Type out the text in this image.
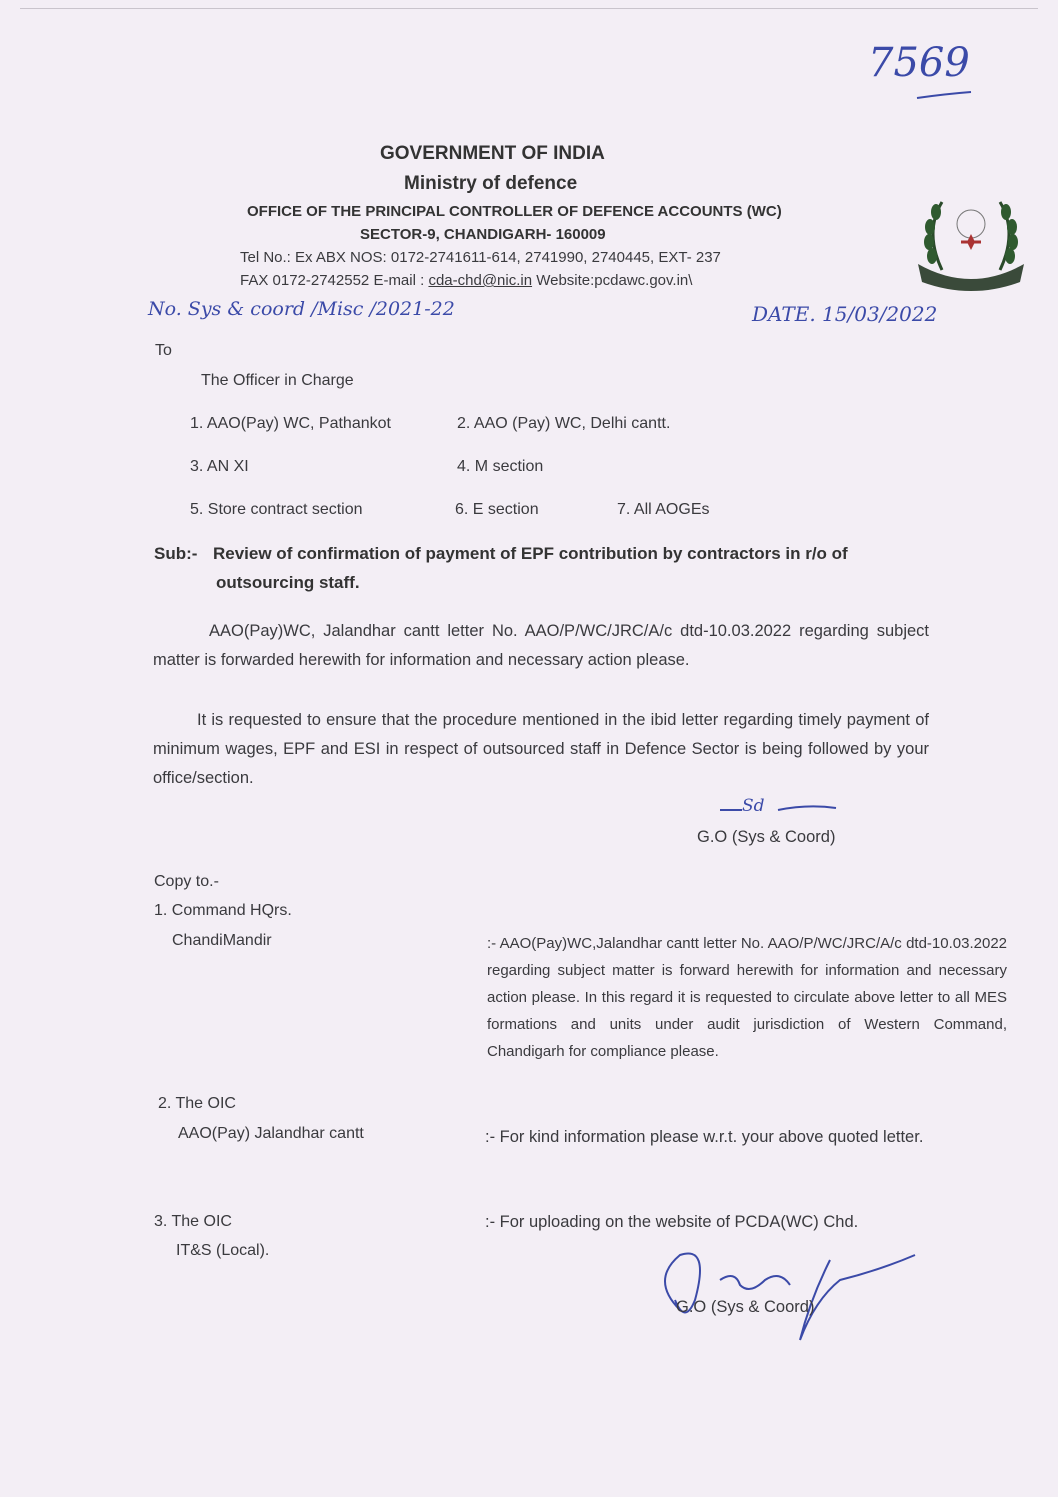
7569
GOVERNMENT OF INDIA
Ministry of defence
OFFICE OF THE PRINCIPAL CONTROLLER OF DEFENCE ACCOUNTS (WC)
SECTOR-9, CHANDIGARH- 160009
Tel No.: Ex ABX NOS: 0172-2741611-614, 2741990, 2740445, EXT- 237
FAX 0172-2742552 E-mail : cda-chd@nic.in Website:pcdawc.gov.in\
No. Sys & coord /Misc /2021-22	DATE. 15/03/2022
To
The Officer in Charge
1. AAO(Pay) WC, Pathankot	2. AAO (Pay) WC, Delhi cantt.
3. AN XI	4. M section
5. Store contract section	6. E section	7. All AOGEs
Sub:- Review of confirmation of payment of EPF contribution by contractors in r/o of
outsourcing staff.
AAO(Pay)WC, Jalandhar cantt letter No. AAO/P/WC/JRC/A/c dtd-10.03.2022 regarding subject matter is forwarded herewith for information and necessary action please.
It is requested to ensure that the procedure mentioned in the ibid letter regarding timely payment of minimum wages, EPF and ESI in respect of outsourced staff in Defence Sector is being followed by your office/section.
Sd
G.O (Sys & Coord)
Copy to.-
1. Command HQrs.
ChandiMandir	:- AAO(Pay)WC,Jalandhar cantt letter No. AAO/P/WC/JRC/A/c dtd-10.03.2022 regarding subject matter is forward herewith for information and necessary action please. In this regard it is requested to circulate above letter to all MES formations and units under audit jurisdiction of Western Command, Chandigarh for compliance please.
2. The OIC
AAO(Pay) Jalandhar cantt	:- For kind information please w.r.t. your above quoted letter.
3. The OIC
IT&S (Local).
:- For uploading on the website of PCDA(WC) Chd.
G.O (Sys & Coord)
